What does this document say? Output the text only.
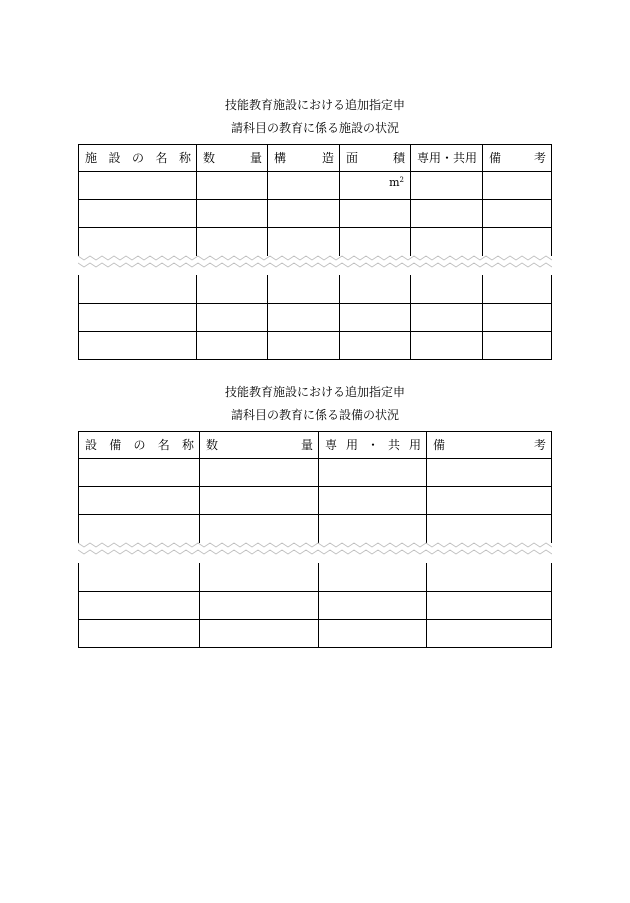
技能教育施設における追加指定申
請科目の教育に係る施設の状況
施 設 の 名 称	数 量	構 造	面 積	専用・共用	備 考

			$m^2$

技能教育施設における追加指定申
請科目の教育に係る設備の状況
設 備 の 名 称	数 量	専 用 ・ 共 用	備 考
